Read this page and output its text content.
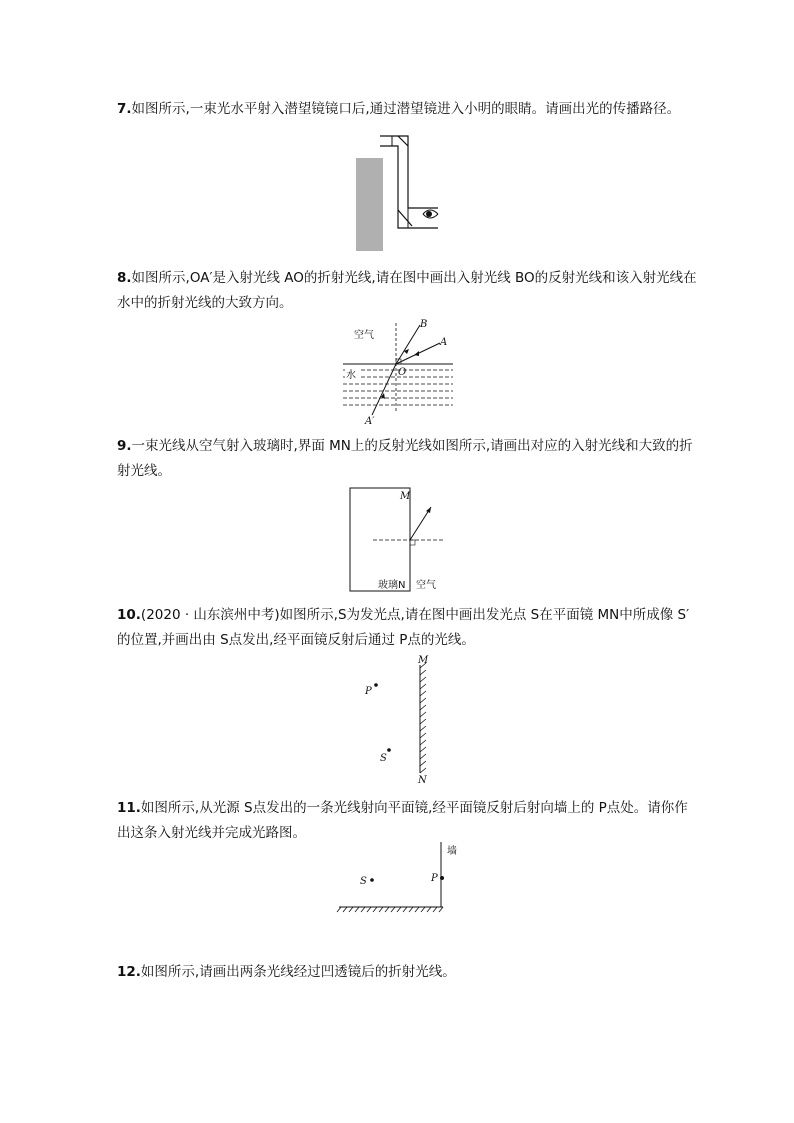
7.如图所示,一束光水平射入潜望镜镜口后,通过潜望镜进入小明的眼睛。请画出光的传播路径。
8.如图所示,OA′是入射光线 AO的折射光线,请在图中画出入射光线 BO的反射光线和该入射光线在水中的折射光线的大致方向。
空气
水
B
A
O
A′
9.一束光线从空气射入玻璃时,界面 MN上的反射光线如图所示,请画出对应的入射光线和大致的折射光线。
M
玻璃N 空气
10.(2020 · 山东滨州中考)如图所示,S为发光点,请在图中画出发光点 S在平面镜 MN中所成像 S′的位置,并画出由 S点发出,经平面镜反射后通过 P点的光线。
M
N
P
S
11.如图所示,从光源 S点发出的一条光线射向平面镜,经平面镜反射后射向墙上的 P点处。请你作出这条入射光线并完成光路图。
墙
S	P
12.如图所示,请画出两条光线经过凹透镜后的折射光线。
